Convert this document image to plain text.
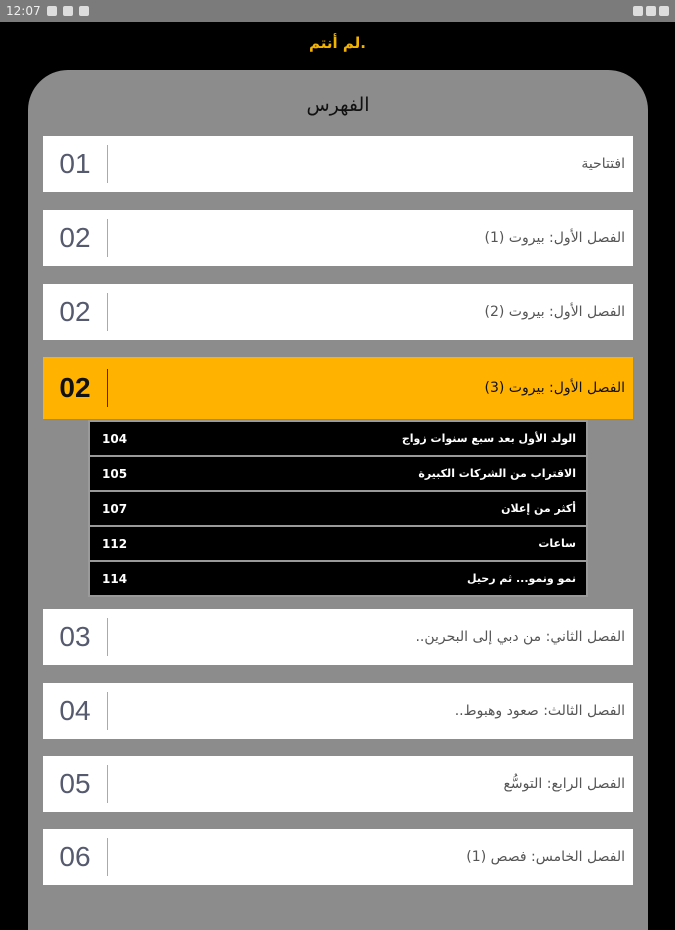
12:07
لم أنتم.
الفهرس
01	افتتاحية
02	الفصل الأول: بيروت (1)
02	الفصل الأول: بيروت (2)
02	الفصل الأول: بيروت (3)
104	الولد الأول بعد سبع سنوات زواج
105	الاقتراب من الشركات الكبيرة
107	أكثر من إعلان
112	ساعات
114	نمو ونمو... ثم رحيل
03	الفصل الثاني: من دبي إلى البحرين..
04	الفصل الثالث: صعود وهبوط..
05	الفصل الرابع: التوسُّع
06	الفصل الخامس: فصص (1)
